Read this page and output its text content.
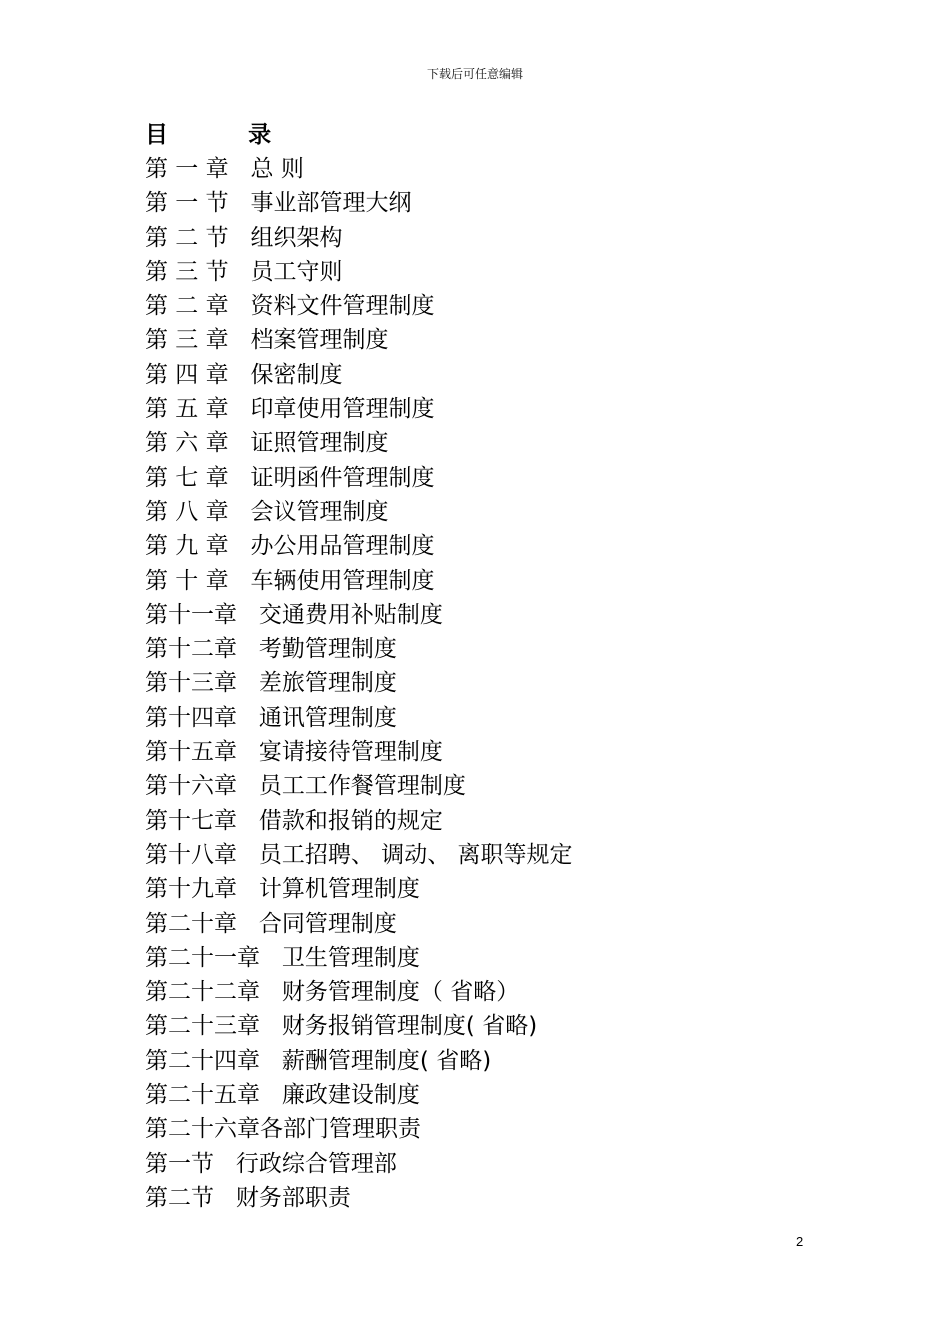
下载后可任意编辑
目          录
第 一 章   总 则
第 一 节   事业部管理大纲
第 二 节   组织架构
第 三 节   员工守则
第 二 章   资料文件管理制度
第 三 章   档案管理制度
第 四 章   保密制度
第 五 章   印章使用管理制度
第 六 章   证照管理制度
第 七 章   证明函件管理制度
第 八 章   会议管理制度
第 九 章   办公用品管理制度
第 十 章   车辆使用管理制度
第十一章   交通费用补贴制度
第十二章   考勤管理制度
第十三章   差旅管理制度
第十四章   通讯管理制度
第十五章   宴请接待管理制度
第十六章   员工工作餐管理制度
第十七章   借款和报销的规定
第十八章   员工招聘、 调动、 离职等规定
第十九章   计算机管理制度
第二十章   合同管理制度
第二十一章   卫生管理制度
第二十二章   财务管理制度（ 省略）
第二十三章   财务报销管理制度( 省略)
第二十四章   薪酬管理制度( 省略)
第二十五章   廉政建设制度
第二十六章各部门管理职责
第一节   行政综合管理部
第二节   财务部职责
2
